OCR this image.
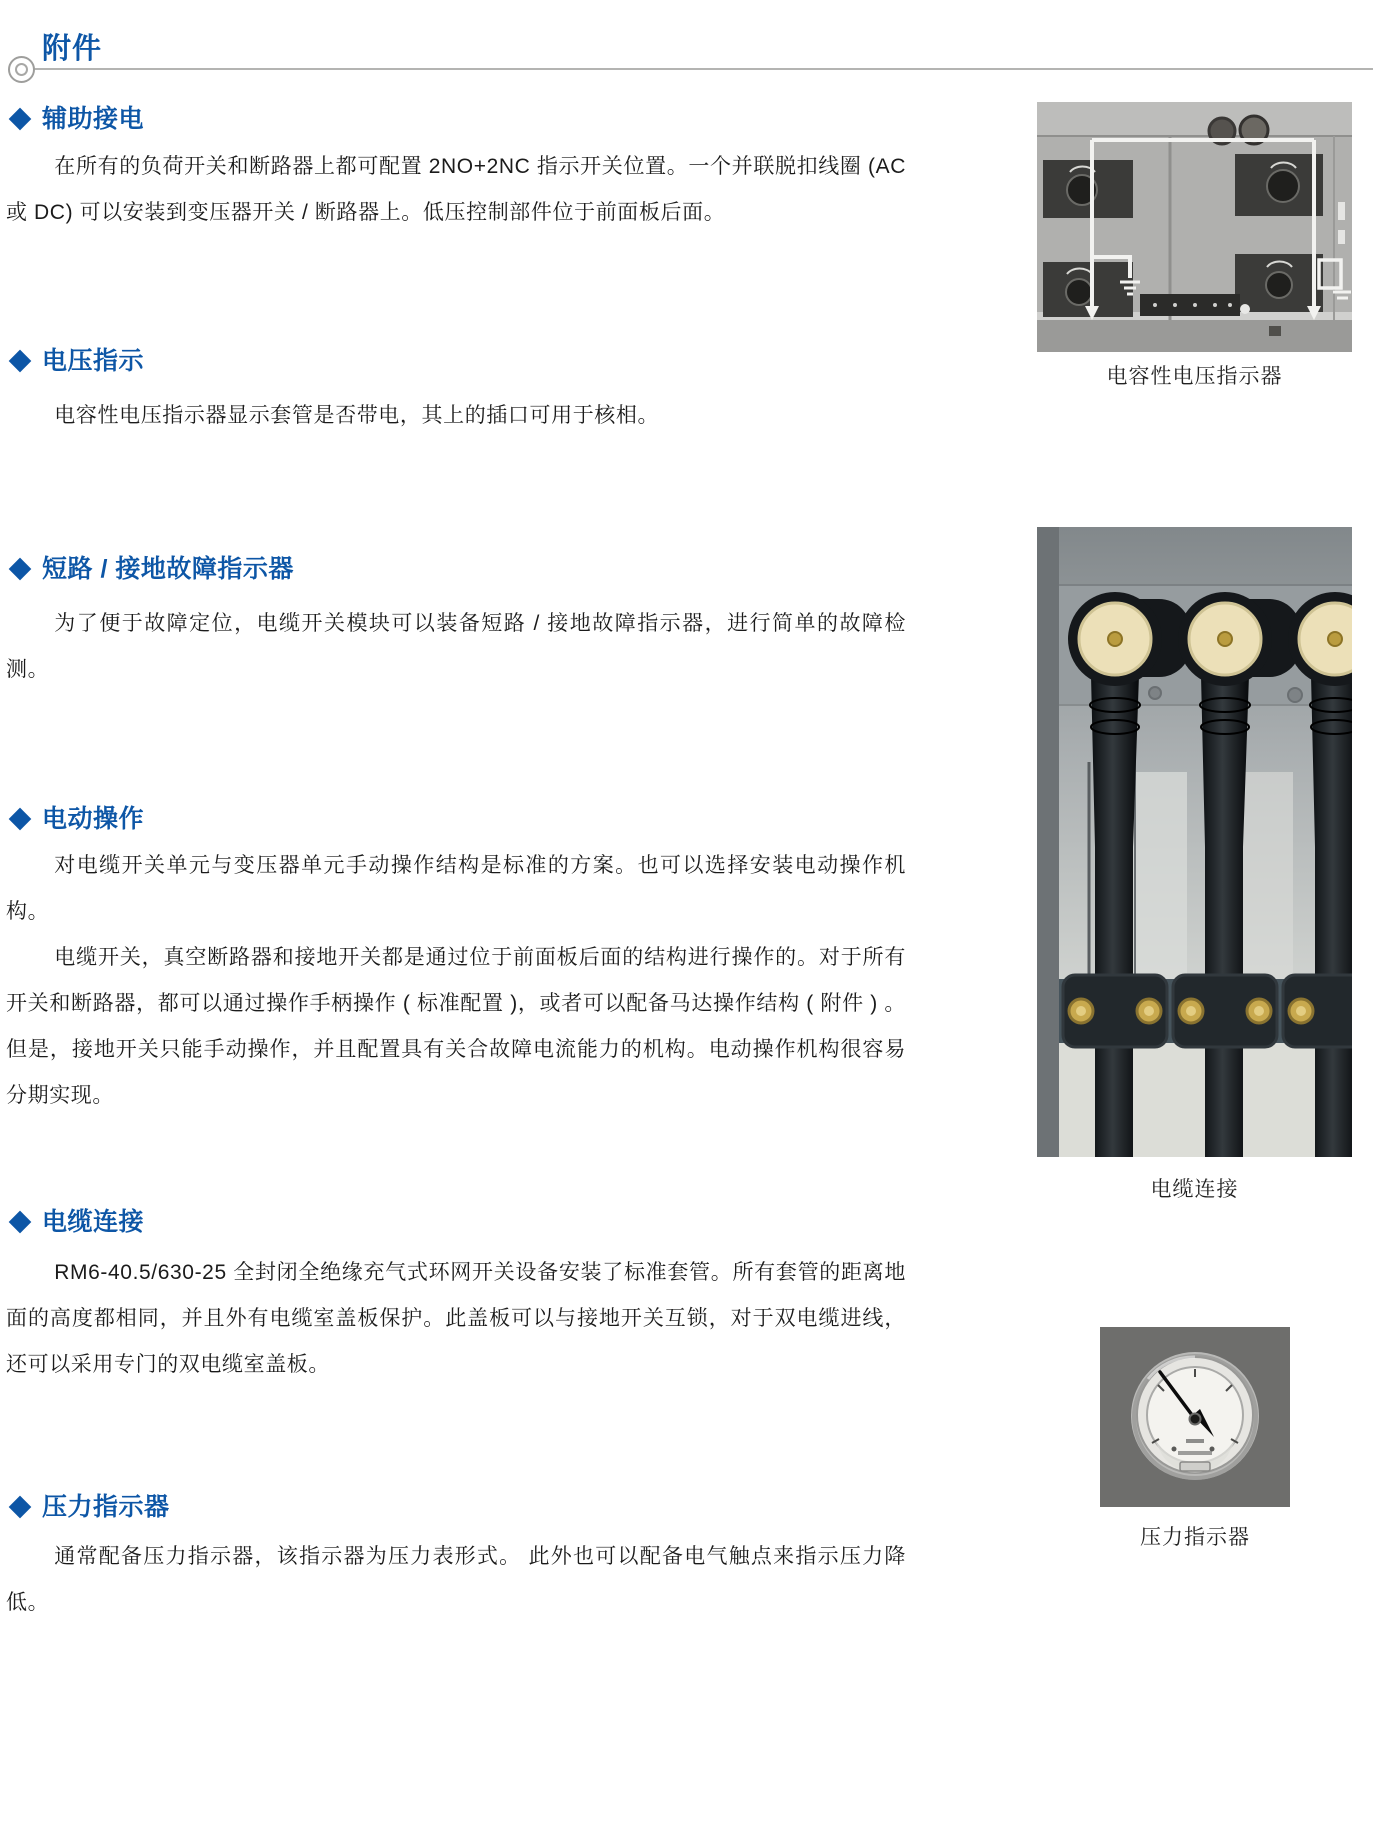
附件
辅助接电

在所有的负荷开关和断路器上都可配置 2NO+2NC 指示开关位置。一个并联脱扣线圈 (AC 或 DC) 可以安装到变压器开关 / 断路器上。低压控制部件位于前面板后面。

电压指示

电容性电压指示器显示套管是否带电，其上的插口可用于核相。

短路 / 接地故障指示器

为了便于故障定位，电缆开关模块可以装备短路 / 接地故障指示器，进行简单的故障检测。

电动操作

对电缆开关单元与变压器单元手动操作结构是标准的方案。也可以选择安装电动操作机构。

电缆开关，真空断路器和接地开关都是通过位于前面板后面的结构进行操作的。对于所有开关和断路器，都可以通过操作手柄操作 ( 标准配置 )，或者可以配备马达操作结构 ( 附件 ) 。但是，接地开关只能手动操作，并且配置具有关合故障电流能力的机构。电动操作机构很容易分期实现。

电缆连接

RM6-40.5/630-25 全封闭全绝缘充气式环网开关设备安装了标准套管。所有套管的距离地面的高度都相同，并且外有电缆室盖板保护。此盖板可以与接地开关互锁，对于双电缆进线，还可以采用专门的双电缆室盖板。

压力指示器

通常配备压力指示器，该指示器为压力表形式。 此外也可以配备电气触点来指示压力降低。

电容性电压指示器
电缆连接
压力指示器
